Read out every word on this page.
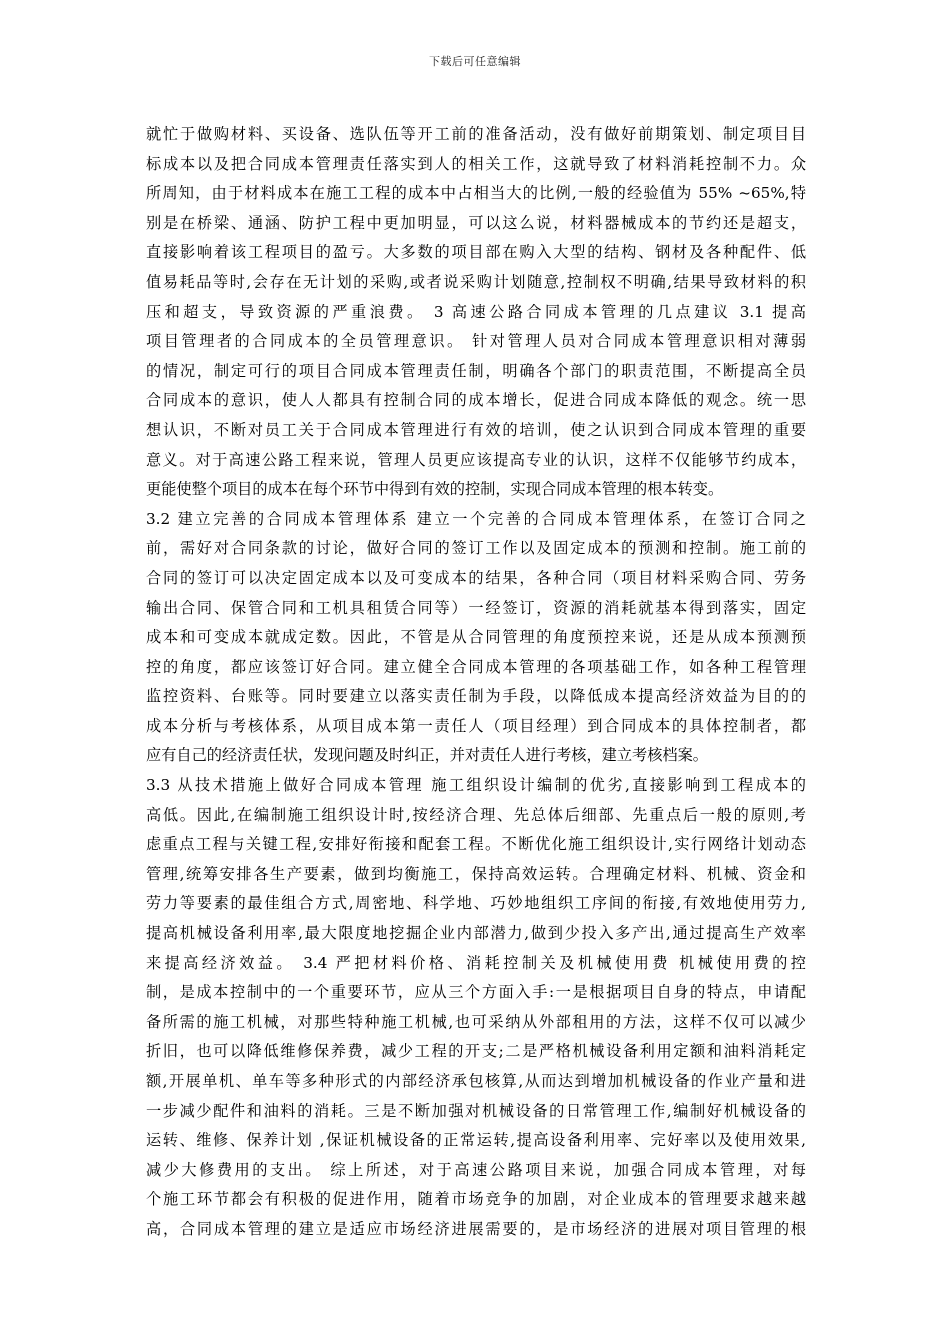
下载后可任意编辑
就忙于做购材料、买设备、选队伍等开工前的准备活动，没有做好前期策划、制定项目目
标成本以及把合同成本管理责任落实到人的相关工作，这就导致了材料消耗控制不力。众
所周知，由于材料成本在施工工程的成本中占相当大的比例,一般的经验值为 55% ~65%,特
别是在桥梁、通涵、防护工程中更加明显，可以这么说，材料器械成本的节约还是超支，
直接影响着该工程项目的盈亏。大多数的项目部在购入大型的结构、钢材及各种配件、低
值易耗品等时,会存在无计划的采购,或者说采购计划随意,控制权不明确,结果导致材料的积
压和超支，导致资源的严重浪费。 3 高速公路合同成本管理的几点建议 3.1 提高
项目管理者的合同成本的全员管理意识。 针对管理人员对合同成本管理意识相对薄弱
的情况，制定可行的项目合同成本管理责任制，明确各个部门的职责范围，不断提高全员
合同成本的意识，使人人都具有控制合同的成本增长，促进合同成本降低的观念。统一思
想认识，不断对员工关于合同成本管理进行有效的培训，使之认识到合同成本管理的重要
意义。对于高速公路工程来说，管理人员更应该提高专业的认识，这样不仅能够节约成本，
更能使整个项目的成本在每个环节中得到有效的控制，实现合同成本管理的根本转变。
3.2 建立完善的合同成本管理体系 建立一个完善的合同成本管理体系，在签订合同之
前，需好对合同条款的讨论，做好合同的签订工作以及固定成本的预测和控制。施工前的
合同的签订可以决定固定成本以及可变成本的结果，各种合同（项目材料采购合同、劳务
输出合同、保管合同和工机具租赁合同等）一经签订，资源的消耗就基本得到落实，固定
成本和可变成本就成定数。因此，不管是从合同管理的角度预控来说，还是从成本预测预
控的角度，都应该签订好合同。建立健全合同成本管理的各项基础工作，如各种工程管理
监控资料、台账等。同时要建立以落实责任制为手段，以降低成本提高经济效益为目的的
成本分析与考核体系，从项目成本第一责任人（项目经理）到合同成本的具体控制者，都
应有自己的经济责任状，发现问题及时纠正，并对责任人进行考核，建立考核档案。
3.3 从技术措施上做好合同成本管理 施工组织设计编制的优劣,直接影响到工程成本的
高低。因此,在编制施工组织设计时,按经济合理、先总体后细部、先重点后一般的原则,考
虑重点工程与关键工程,安排好衔接和配套工程。不断优化施工组织设计,实行网络计划动态
管理,统筹安排各生产要素，做到均衡施工，保持高效运转。合理确定材料、机械、资金和
劳力等要素的最佳组合方式,周密地、科学地、巧妙地组织工序间的衔接,有效地使用劳力,
提高机械设备利用率,最大限度地挖掘企业内部潜力,做到少投入多产出,通过提高生产效率
来提高经济效益。 3.4 严把材料价格、消耗控制关及机械使用费 机械使用费的控
制，是成本控制中的一个重要环节，应从三个方面入手:一是根据项目自身的特点，申请配
备所需的施工机械，对那些特种施工机械,也可采纳从外部租用的方法，这样不仅可以减少
折旧，也可以降低维修保养费，减少工程的开支;二是严格机械设备利用定额和油料消耗定
额,开展单机、单车等多种形式的内部经济承包核算,从而达到增加机械设备的作业产量和进
一步减少配件和油料的消耗。三是不断加强对机械设备的日常管理工作,编制好机械设备的
运转、维修、保养计划 ,保证机械设备的正常运转,提高设备利用率、完好率以及使用效果,
减少大修费用的支出。 综上所述，对于高速公路项目来说，加强合同成本管理，对每
个施工环节都会有积极的促进作用，随着市场竞争的加剧，对企业成本的管理要求越来越
高，合同成本管理的建立是适应市场经济进展需要的，是市场经济的进展对项目管理的根
